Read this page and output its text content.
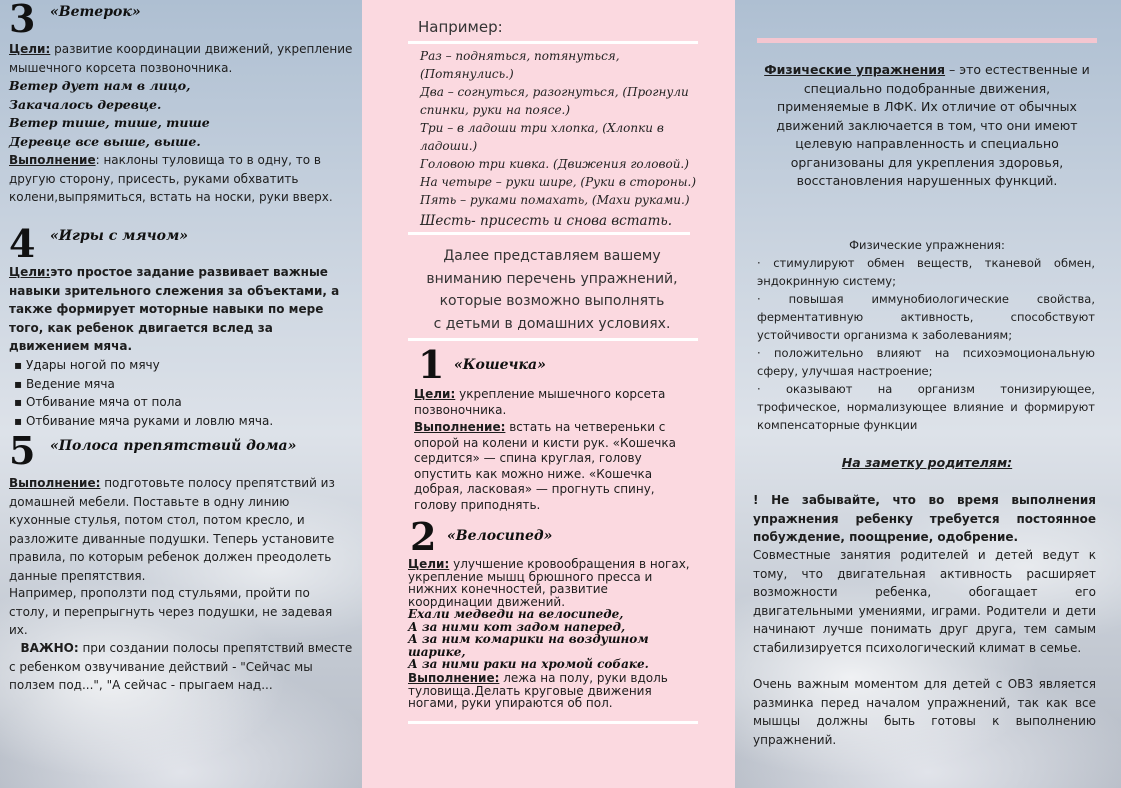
3 «Ветерок»
Цели: развитие координации движений, укрепление мышечного корсета позвоночника.
Ветер дует нам в лицо,
Закачалось деревце.
Ветер тише, тише, тише
Деревце все выше, выше.
Выполнение: наклоны туловища то в одну, то в другую сторону, присесть, руками обхватить колени,выпрямиться, встать на носки, руки вверх.
4 «Игры с мячом»
Цели:это простое задание развивает важные навыки зрительного слежения за объектами, а также формирует моторные навыки по мере того, как ребенок двигается вслед за движением мяча.
▪ Удары ногой по мячу
▪ Ведение мяча
▪ Отбивание мяча от пола
▪ Отбивание мяча руками и ловлю мяча.
5 «Полоса препятствий дома»
Выполнение: подготовьте полосу препятствий из домашней мебели. Поставьте в одну линию кухонные стулья, потом стол, потом кресло, и разложите диванные подушки. Теперь установите правила, по которым ребенок должен преодолеть данные препятствия.
Например, проползти под стульями, пройти по столу, и перепрыгнуть через подушки, не задевая их.
ВАЖНО: при создании полосы препятствий вместе с ребенком озвучивание действий - "Сейчас мы ползем под...", "А сейчас - прыгаем над...
Например:
Раз – подняться, потянуться, (Потянулись.)
Два – согнуться, разогнуться, (Прогнули спинки, руки на поясе.)
Три – в ладоши три хлопка, (Хлопки в ладоши.)
Головою три кивка. (Движения головой.)
На четыре – руки шире, (Руки в стороны.)
Пять – руками помахать, (Махи руками.)
Шесть- присесть и снова встать.
Далее представляем вашему
вниманию перечень упражнений,
которые возможно выполнять
с детьми в домашних условиях.
1 «Кошечка»
Цели: укрепление мышечного корсета позвоночника.
Выполнение: встать на четвереньки с опорой на колени и кисти рук. «Кошечка сердится» — спина круглая, голову опустить как можно ниже. «Кошечка добрая, ласковая» — прогнуть спину, голову приподнять.
2 «Велосипед»
Цели: улучшение кровообращения в ногах, укрепление мышц брюшного пресса и нижних конечностей, развитие координации движений.
Ехали медведи на велосипеде,
А за ними кот задом наперед,
А за ним комарики на воздушном шарике,
А за ними раки на хромой собаке.
Выполнение: лежа на полу, руки вдоль туловища.Делать круговые движения ногами, руки упираются об пол.
Физические упражнения – это естественные и специально подобранные движения, применяемые в ЛФК. Их отличие от обычных движений заключается в том, что они имеют целевую направленность и специально организованы для укрепления здоровья, восстановления нарушенных функций.
Физические упражнения:
· стимулируют обмен веществ, тканевой обмен, эндокринную систему;
· повышая иммунобиологические свойства, ферментативную активность, способствуют устойчивости организма к заболеваниям;
· положительно влияют на психоэмоциональную сферу, улучшая настроение;
· оказывают на организм тонизирующее, трофическое, нормализующее влияние и формируют компенсаторные функции
На заметку родителям:
! Не забывайте, что во время выполнения упражнения ребенку требуется постоянное побуждение, поощрение, одобрение.
Совместные занятия родителей и детей ведут к тому, что двигательная активность расширяет возможности ребенка, обогащает его двигательными умениями, играми. Родители и дети начинают лучше понимать друг друга, тем самым стабилизируется психологический климат в семье.
Очень важным моментом для детей с ОВЗ является разминка перед началом упражнений, так как все мышцы должны быть готовы к выполнению упражнений.
